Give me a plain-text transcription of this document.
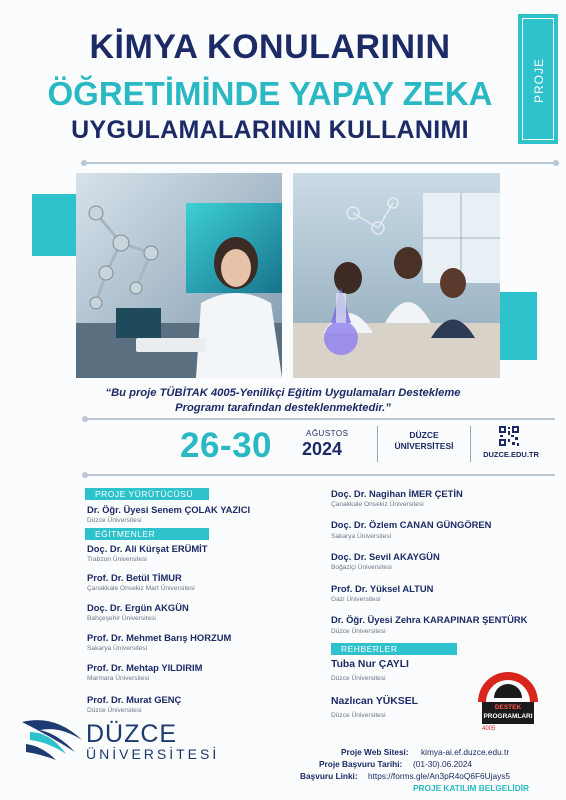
KİMYA KONULARININ
ÖĞRETİMİNDE YAPAY ZEKA
UYGULAMALARININ KULLANIMI
PROJE
“Bu proje TÜBİTAK 4005-Yenilikçi Eğitim Uygulamaları Destekleme Programı tarafından desteklenmektedir.”
26-30	AĞUSTOS
2024
DÜZCE ÜNİVERSİTESİ
DUZCE.EDU.TR
PROJE YÜRÜTÜCÜSÜ
Dr. Öğr. Üyesi Senem ÇOLAK YAZICI
Düzce Üniversitesi
EĞİTMENLER
Doç. Dr. Ali Kürşat ERÜMİT
Trabzon Üniversitesi
Prof. Dr. Betül TİMUR
Çanakkale Onsekiz Mart Üniversitesi
Doç. Dr. Ergün AKGÜN
Bahçeşehir Üniversitesi
Prof. Dr. Mehmet Barış HORZUM
Sakarya Üniversitesi
Prof. Dr. Mehtap YILDIRIM
Marmara Üniversitesi
Prof. Dr. Murat GENÇ
Düzce Üniversitesi
Doç. Dr. Nagihan İMER ÇETİN
Çanakkale Onsekiz Üniversitesi
Doç. Dr. Özlem CANAN GÜNGÖREN
Sakarya Üniversitesi
Doç. Dr. Sevil AKAYGÜN
Boğaziçi Üniversitesi
Prof. Dr. Yüksel ALTUN
Gazi Üniversitesi
Dr. Öğr. Üyesi Zehra KARAPINAR ŞENTÜRK
Düzce Üniversitesi
REHBERLER
Tuba Nur ÇAYLI
Düzce Üniversitesi
Nazlıcan YÜKSEL
Düzce Üniversitesi
DESTEK
PROGRAMLARI
4005
DÜZCE
ÜNİVERSİTESİ	Proje Web Sitesi: kimya-ai.ef.duzce.edu.tr
Proje Başvuru Tarihi: (01-30).06.2024
Başvuru Linki: https://forms.gle/An3pR4oQ6F6Ujays5
PROJE KATILIM BELGELİDİR
